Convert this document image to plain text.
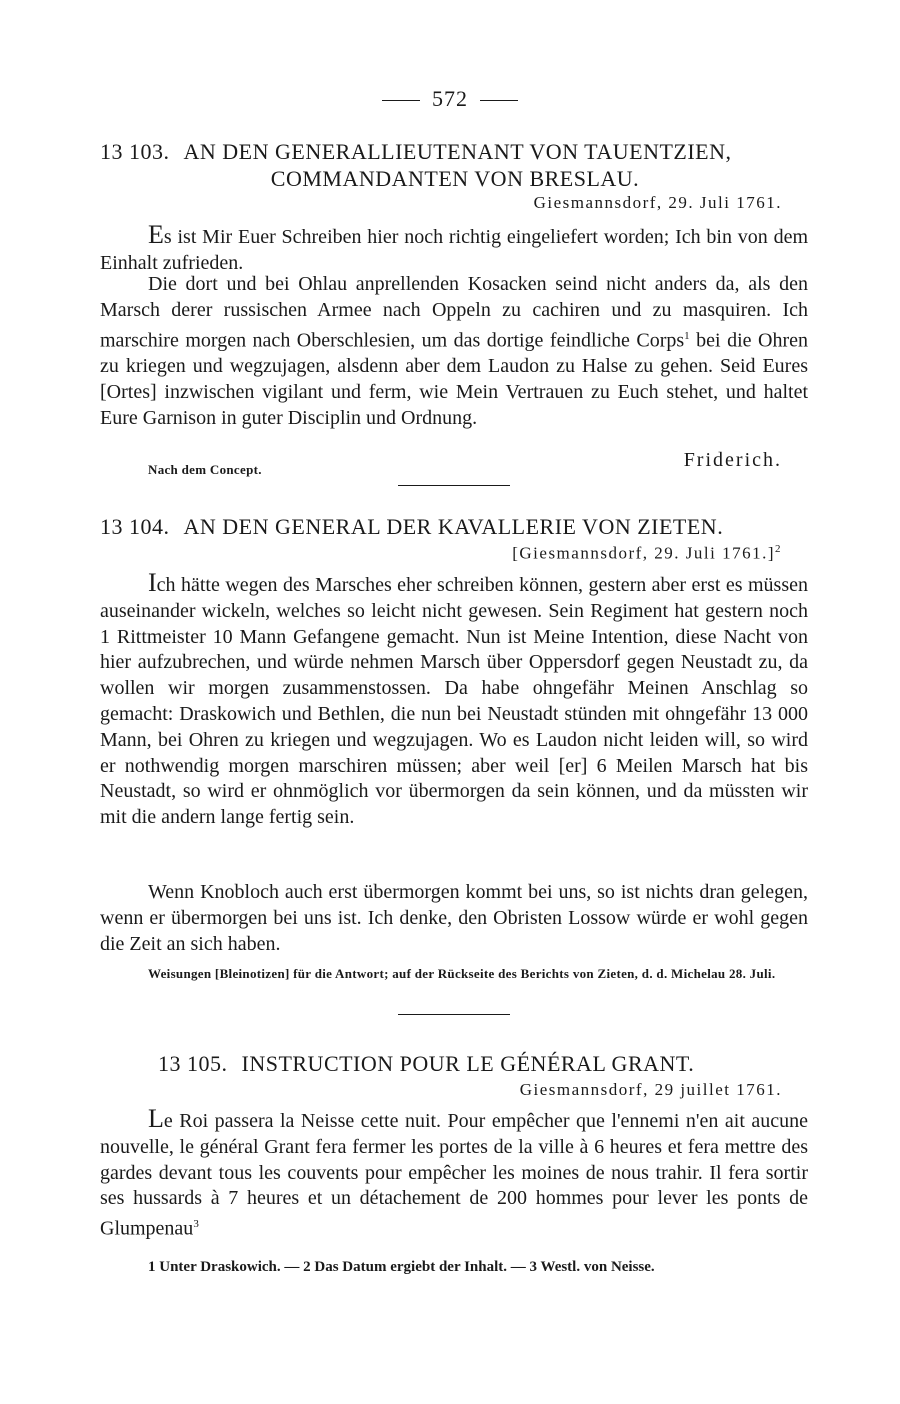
572
13 103. AN DEN GENERALLIEUTENANT VON TAUENTZIEN,
COMMANDANTEN VON BRESLAU.
Giesmannsdorf, 29. Juli 1761.

Es ist Mir Euer Schreiben hier noch richtig eingeliefert worden; Ich bin von dem Einhalt zufrieden.

Die dort und bei Ohlau anprellenden Kosacken seind nicht anders da, als den Marsch derer russischen Armee nach Oppeln zu cachiren und zu masquiren. Ich marschire morgen nach Oberschlesien, um das dortige feindliche Corps$^1$ bei die Ohren zu kriegen und wegzujagen, alsdenn aber dem Laudon zu Halse zu gehen. Seid Eures [Ortes] inzwischen vigilant und ferm, wie Mein Vertrauen zu Euch stehet, und haltet Eure Garnison in guter Disciplin und Ordnung.

Nach dem Concept.	Friderich.
13 104. AN DEN GENERAL DER KAVALLERIE VON ZIETEN.
[Giesmannsdorf, 29. Juli 1761.]$^2$

Ich hätte wegen des Marsches eher schreiben können, gestern aber erst es müssen auseinander wickeln, welches so leicht nicht gewesen. Sein Regiment hat gestern noch 1 Rittmeister 10 Mann Gefangene gemacht. Nun ist Meine Intention, diese Nacht von hier aufzubrechen, und würde nehmen Marsch über Oppersdorf gegen Neustadt zu, da wollen wir morgen zusammenstossen. Da habe ohngefähr Meinen Anschlag so gemacht: Draskowich und Bethlen, die nun bei Neustadt stünden mit ohngefähr 13 000 Mann, bei Ohren zu kriegen und wegzujagen. Wo es Laudon nicht leiden will, so wird er nothwendig morgen marschiren müssen; aber weil [er] 6 Meilen Marsch hat bis Neustadt, so wird er ohnmöglich vor übermorgen da sein können, und da müssten wir mit die andern lange fertig sein.

Wenn Knobloch auch erst übermorgen kommt bei uns, so ist nichts dran gelegen, wenn er übermorgen bei uns ist. Ich denke, den Obristen Lossow würde er wohl gegen die Zeit an sich haben.

Weisungen [Bleinotizen] für die Antwort; auf der Rückseite des Berichts von Zieten, d. d. Michelau 28. Juli.
13 105. INSTRUCTION POUR LE GÉNÉRAL GRANT.
Giesmannsdorf, 29 juillet 1761.

Le Roi passera la Neisse cette nuit. Pour empêcher que l'ennemi n'en ait aucune nouvelle, le général Grant fera fermer les portes de la ville à 6 heures et fera mettre des gardes devant tous les couvents pour empêcher les moines de nous trahir. Il fera sortir ses hussards à 7 heures et un détachement de 200 hommes pour lever les ponts de Glumpenau$^3$

1 Unter Draskowich. — 2 Das Datum ergiebt der Inhalt. — 3 Westl. von Neisse.
